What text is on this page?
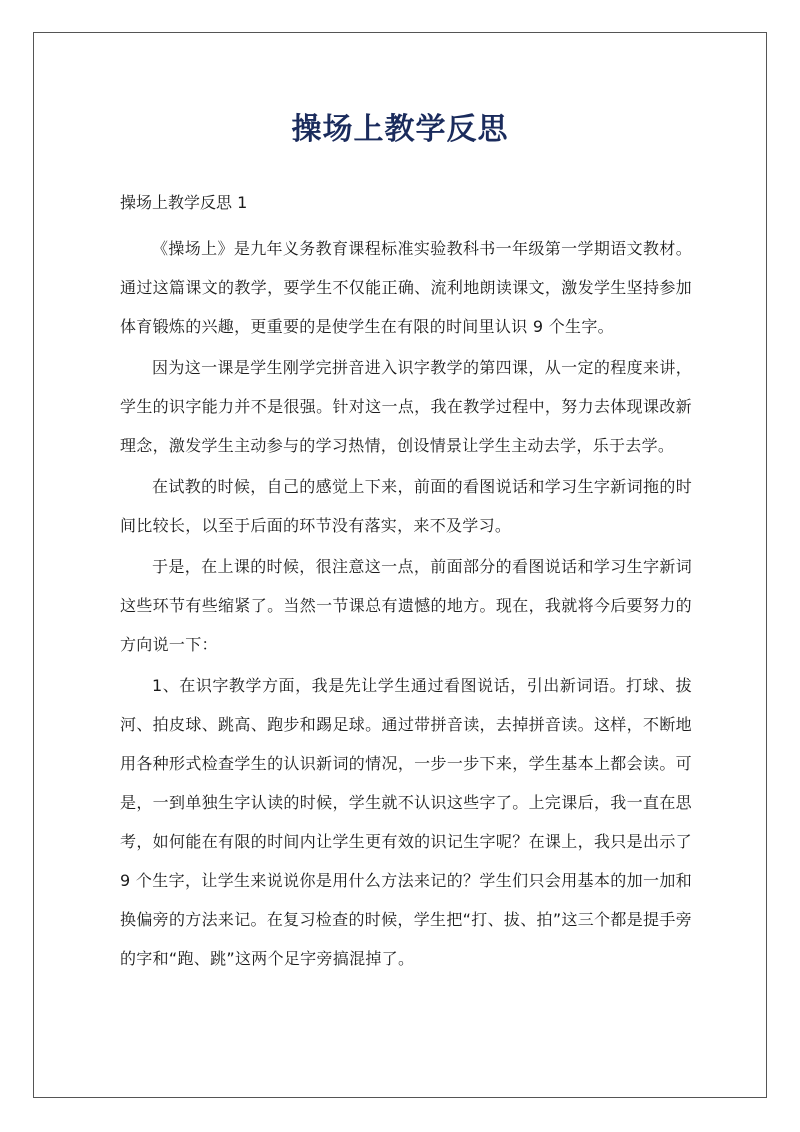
操场上教学反思

操场上教学反思 1

《操场上》是九年义务教育课程标准实验教科书一年级第一学期语文教材。通过这篇课文的教学，要学生不仅能正确、流利地朗读课文，激发学生坚持参加体育锻炼的兴趣，更重要的是使学生在有限的时间里认识 9 个生字。

因为这一课是学生刚学完拼音进入识字教学的第四课，从一定的程度来讲，学生的识字能力并不是很强。针对这一点，我在教学过程中，努力去体现课改新理念，激发学生主动参与的学习热情，创设情景让学生主动去学，乐于去学。

在试教的时候，自己的感觉上下来，前面的看图说话和学习生字新词拖的时间比较长，以至于后面的环节没有落实，来不及学习。

于是，在上课的时候，很注意这一点，前面部分的看图说话和学习生字新词这些环节有些缩紧了。当然一节课总有遗憾的地方。现在，我就将今后要努力的方向说一下：

1、在识字教学方面，我是先让学生通过看图说话，引出新词语。打球、拔河、拍皮球、跳高、跑步和踢足球。通过带拼音读，去掉拼音读。这样，不断地用各种形式检查学生的认识新词的情况，一步一步下来，学生基本上都会读。可是，一到单独生字认读的时候，学生就不认识这些字了。上完课后，我一直在思考，如何能在有限的时间内让学生更有效的识记生字呢？在课上，我只是出示了 9 个生字，让学生来说说你是用什么方法来记的？学生们只会用基本的加一加和换偏旁的方法来记。在复习检查的时候，学生把“打、拔、拍”这三个都是提手旁的字和“跑、跳”这两个足字旁搞混掉了。
